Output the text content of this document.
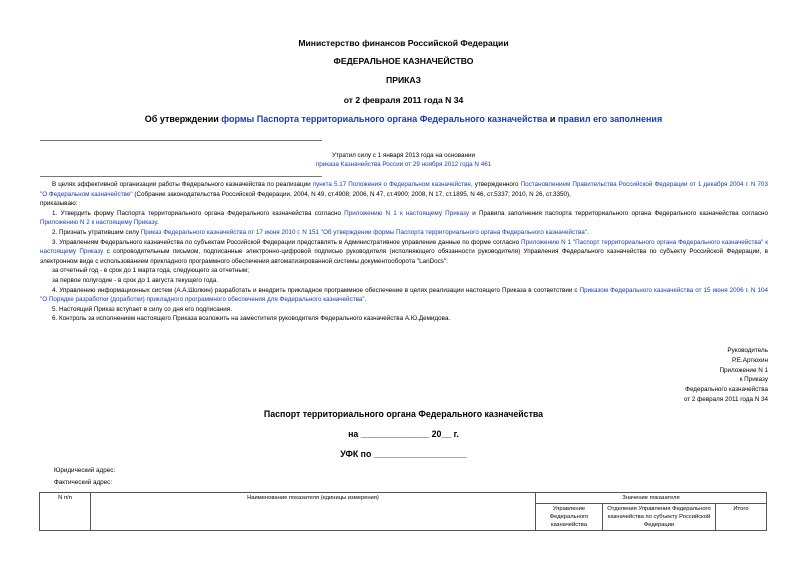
Министерство финансов Российской Федерации
ФЕДЕРАЛЬНОЕ КАЗНАЧЕЙСТВО
ПРИКАЗ
от 2 февраля 2011 года N 34
Об утверждении формы Паспорта территориального органа Федерального казначейства и правил его заполнения
Утратил силу с 1 января 2013 года на основании
приказа Казначейства России от 29 ноября 2012 года N 461
В целях эффективной организации работы Федерального казначейства по реализации пункта 5.17 Положения о Федеральном казначействе, утвержденного Постановлением Правительства Российской Федерации от 1 декабря 2004 г. N 703 "О Федеральном казначействе" (Собрание законодательства Российской Федерации, 2004, N 49, ст.4908; 2006, N 47, ст.4900; 2008, N 17, ст.1895, N 46, ст.5337; 2010, N 26, ст.3350),
приказываю:
1. Утвердить форму Паспорта территориального органа Федерального казначейства согласно Приложению N 1 к настоящему Приказу и Правила заполнения паспорта территориального органа Федерального казначейства согласно Приложению N 2 к настоящему Приказу.
2. Признать утратившим силу Приказ Федерального казначейства от 17 июня 2010 г. N 151 "Об утверждении формы Паспорта территориального органа Федерального казначейства".
3. Управлениям Федерального казначейства по субъектам Российской Федерации представлять в Административное управление данные по форме согласно Приложению N 1 "Паспорт территориального органа Федерального казначейства" к настоящему Приказу с сопроводительным письмом, подписанные электронно-цифровой подписью руководителя (исполняющего обязанности руководителя) Управления Федерального казначейства по субъекту Российской Федерации, в электронном виде с использованием прикладного программного обеспечения автоматизированной системы документооборота "LanDocs":
за отчетный год - в срок до 1 марта года, следующего за отчетным;
за первое полугодие - в срок до 1 августа текущего года.
4. Управлению информационных систем (А.А.Шолкин) разработать и внедрить прикладное программное обеспечение в целях реализации настоящего Приказа в соответствии с Приказом Федерального казначейства от 15 июня 2006 г. N 104 "О Порядке разработки (доработки) прикладного программного обеспечения для Федерального казначейства".
5. Настоящий Приказ вступает в силу со дня его подписания.
6. Контроль за исполнением настоящего Приказа возложить на заместителя руководителя Федерального казначейства А.Ю.Демидова.
Руководитель
Р.Е.Артюхин
Приложение N 1
к Приказу
Федерального казначейства
от 2 февраля 2011 года N 34
Паспорт территориального органа Федерального казначейства
на ______________ 20__ г.
УФК по ___________________
Юридический адрес:
Фактический адрес:
N п/п	Наименование показателя (единицы измерения)	Значение показателя		
		Управление Федерального казначейства	Отделения Управления Федерального казначейства по субъекту Российской Федерации	Итого
